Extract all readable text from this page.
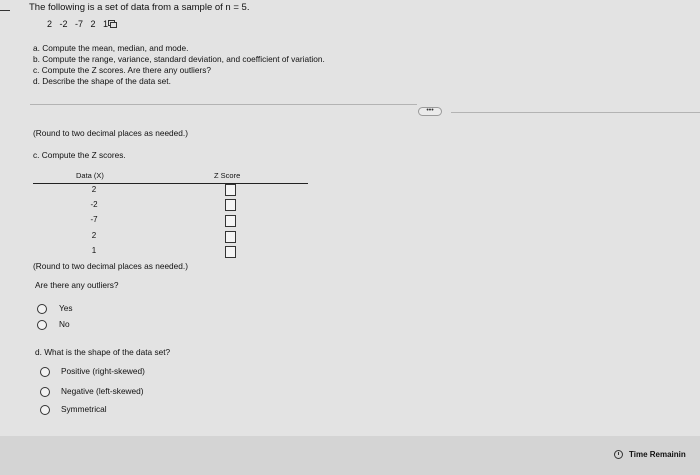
The following is a set of data from a sample of n = 5.
2 -2 -7 2 1
a. Compute the mean, median, and mode.
b. Compute the range, variance, standard deviation, and coefficient of variation.
c. Compute the Z scores. Are there any outliers?
d. Describe the shape of the data set.
•••
(Round to two decimal places as needed.)
c. Compute the Z scores.
Data (X)	Z Score
2
-2
-7
2
1
(Round to two decimal places as needed.)
Are there any outliers?
Yes
No
d. What is the shape of the data set?
Positive (right-skewed)
Negative (left-skewed)
Symmetrical
Time Remainin
